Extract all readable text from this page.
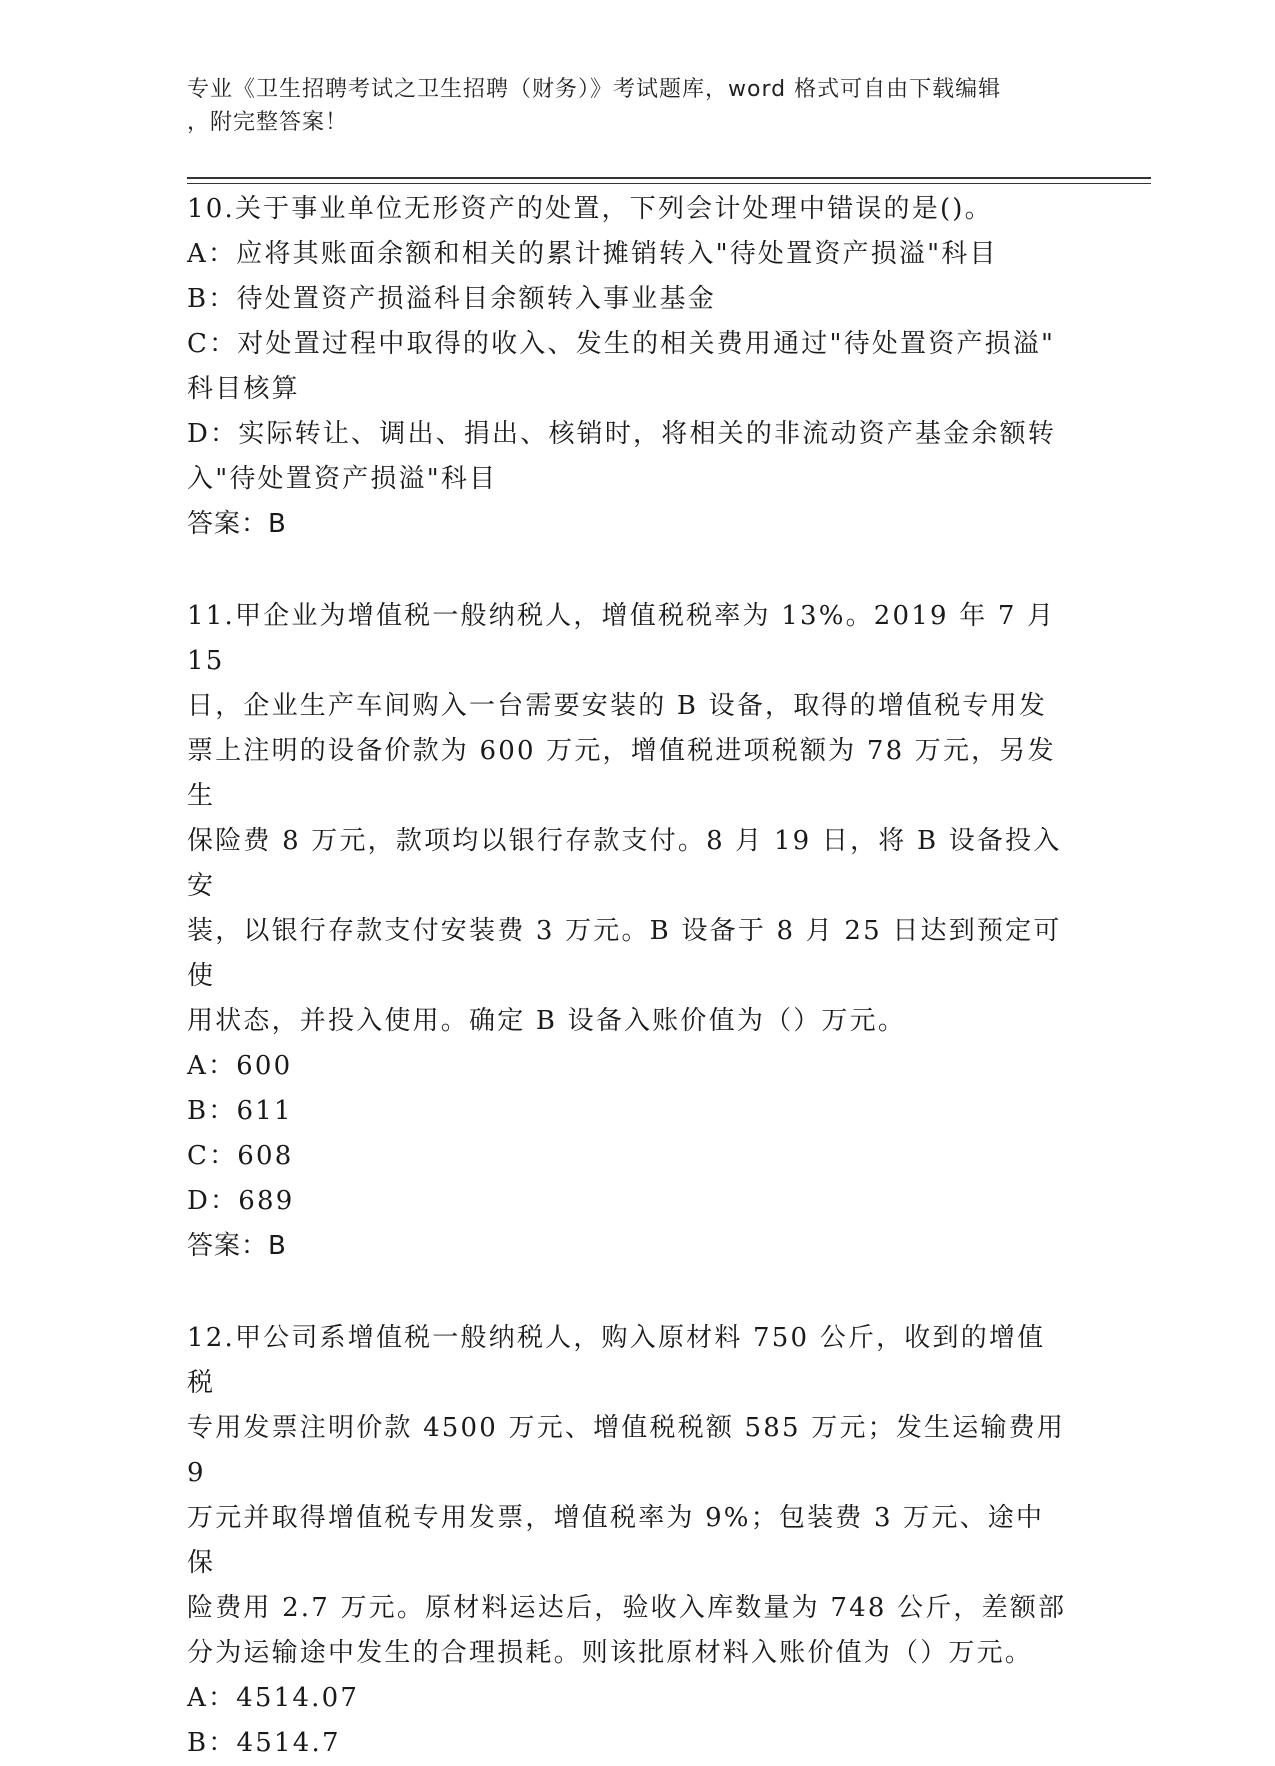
专业《卫生招聘考试之卫生招聘（财务）》考试题库，word 格式可自由下载编辑
，附完整答案！

10.关于事业单位无形资产的处置，下列会计处理中错误的是()。

A：应将其账面余额和相关的累计摊销转入"待处置资产损溢"科目

B：待处置资产损溢科目余额转入事业基金

C：对处置过程中取得的收入、发生的相关费用通过"待处置资产损溢"

科目核算

D：实际转让、调出、捐出、核销时，将相关的非流动资产基金余额转

入"待处置资产损溢"科目

答案：B

11.甲企业为增值税一般纳税人，增值税税率为 13%。2019 年 7 月 15

日，企业生产车间购入一台需要安装的 B 设备，取得的增值税专用发

票上注明的设备价款为 600 万元，增值税进项税额为 78 万元，另发生

保险费 8 万元，款项均以银行存款支付。8 月 19 日，将 B 设备投入安

装，以银行存款支付安装费 3 万元。B 设备于 8 月 25 日达到预定可使

用状态，并投入使用。确定 B 设备入账价值为（）万元。

A：600

B：611

C：608

D：689

答案：B

12.甲公司系增值税一般纳税人，购入原材料 750 公斤，收到的增值税

专用发票注明价款 4500 万元、增值税税额 585 万元；发生运输费用 9

万元并取得增值税专用发票，增值税率为 9%；包装费 3 万元、途中保

险费用 2.7 万元。原材料运达后，验收入库数量为 748 公斤，差额部

分为运输途中发生的合理损耗。则该批原材料入账价值为（）万元。

A：4514.07

B：4514.7
